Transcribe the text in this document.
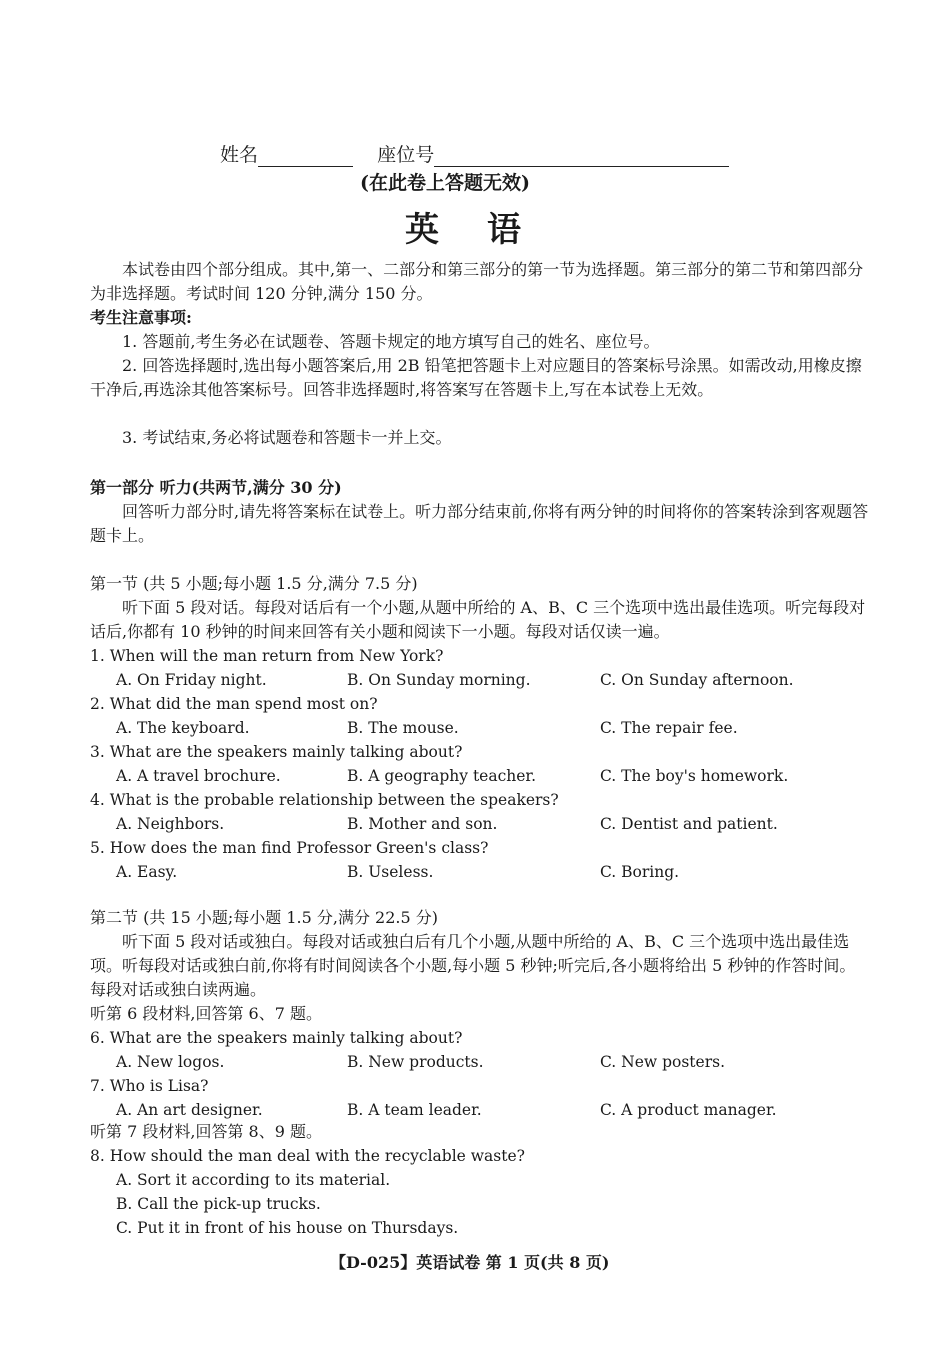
姓名	座位号
(在此卷上答题无效)
英语
本试卷由四个部分组成。其中,第一、二部分和第三部分的第一节为选择题。第三部分的第二节和第四部分为非选择题。考试时间 120 分钟,满分 150 分。
考生注意事项:
1. 答题前,考生务必在试题卷、答题卡规定的地方填写自己的姓名、座位号。
2. 回答选择题时,选出每小题答案后,用 2B 铅笔把答题卡上对应题目的答案标号涂黑。如需改动,用橡皮擦干净后,再选涂其他答案标号。回答非选择题时,将答案写在答题卡上,写在本试卷上无效。
3. 考试结束,务必将试题卷和答题卡一并上交。
第一部分 听力(共两节,满分 30 分)
回答听力部分时,请先将答案标在试卷上。听力部分结束前,你将有两分钟的时间将你的答案转涂到客观题答题卡上。
第一节 (共 5 小题;每小题 1.5 分,满分 7.5 分)
听下面 5 段对话。每段对话后有一个小题,从题中所给的 A、B、C 三个选项中选出最佳选项。听完每段对话后,你都有 10 秒钟的时间来回答有关小题和阅读下一小题。每段对话仅读一遍。
1. When will the man return from New York?
A. On Friday night.	B. On Sunday morning.	C. On Sunday afternoon.
2. What did the man spend most on?
A. The keyboard.	B. The mouse.	C. The repair fee.
3. What are the speakers mainly talking about?
A. A travel brochure.	B. A geography teacher.	C. The boy's homework.
4. What is the probable relationship between the speakers?
A. Neighbors.	B. Mother and son.	C. Dentist and patient.
5. How does the man find Professor Green's class?
A. Easy.	B. Useless.	C. Boring.
第二节 (共 15 小题;每小题 1.5 分,满分 22.5 分)
听下面 5 段对话或独白。每段对话或独白后有几个小题,从题中所给的 A、B、C 三个选项中选出最佳选项。听每段对话或独白前,你将有时间阅读各个小题,每小题 5 秒钟;听完后,各小题将给出 5 秒钟的作答时间。每段对话或独白读两遍。
听第 6 段材料,回答第 6、7 题。
6. What are the speakers mainly talking about?
A. New logos.	B. New products.	C. New posters.
7. Who is Lisa?
A. An art designer.	B. A team leader.	C. A product manager.
听第 7 段材料,回答第 8、9 题。
8. How should the man deal with the recyclable waste?
A. Sort it according to its material.
B. Call the pick-up trucks.
C. Put it in front of his house on Thursdays.
【D-025】英语试卷 第 1 页(共 8 页)
